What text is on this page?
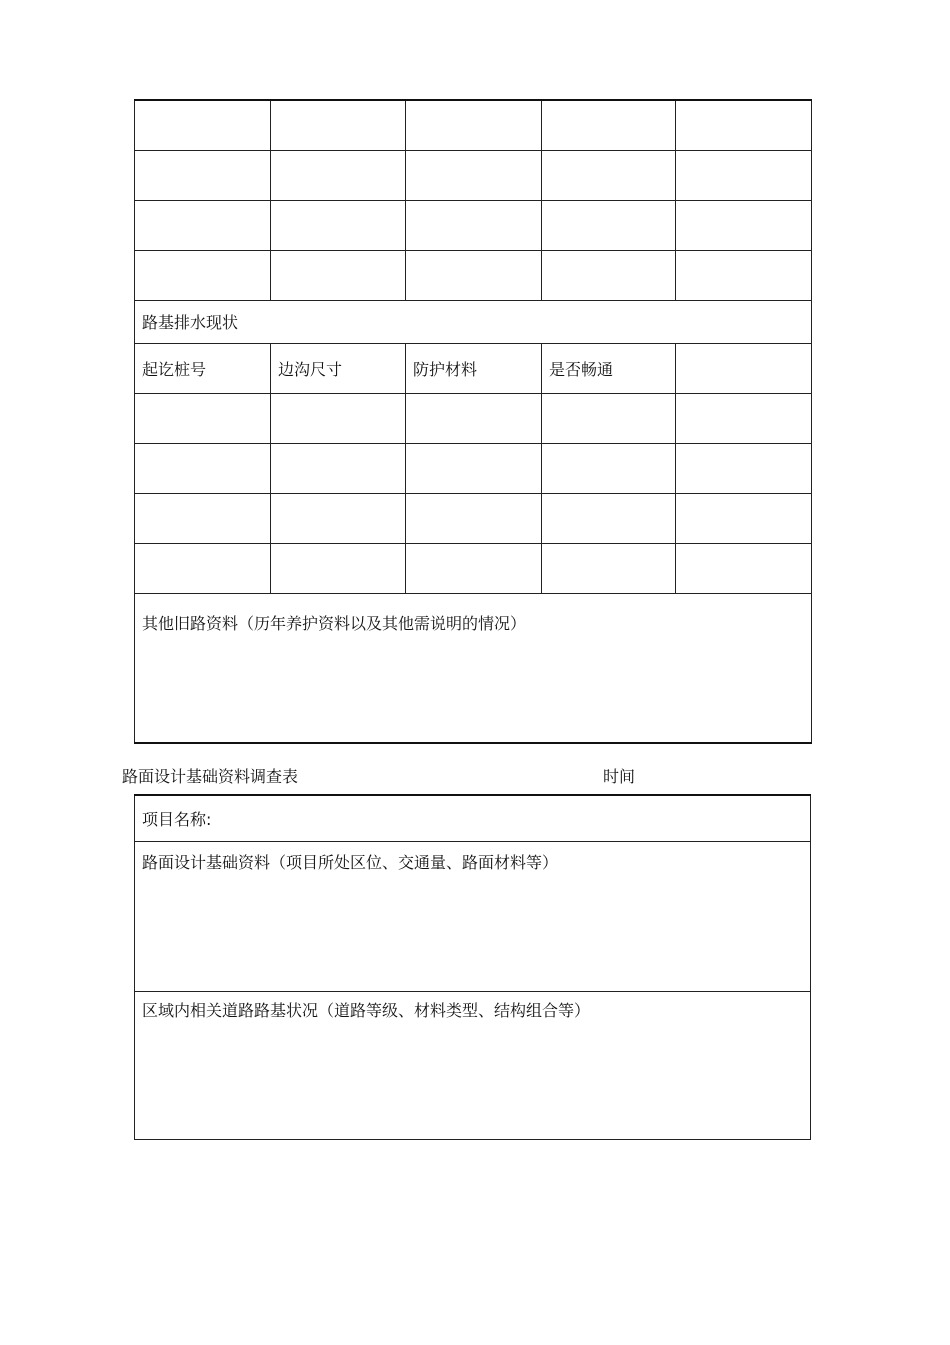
路基排水现状				
起讫桩号	边沟尺寸	防护材料	是否畅通	

其他旧路资料（历年养护资料以及其他需说明的情况）				
路面设计基础资料调查表	时间
项目名称:
路面设计基础资料（项目所处区位、交通量、路面材料等）
区域内相关道路路基状况（道路等级、材料类型、结构组合等）
